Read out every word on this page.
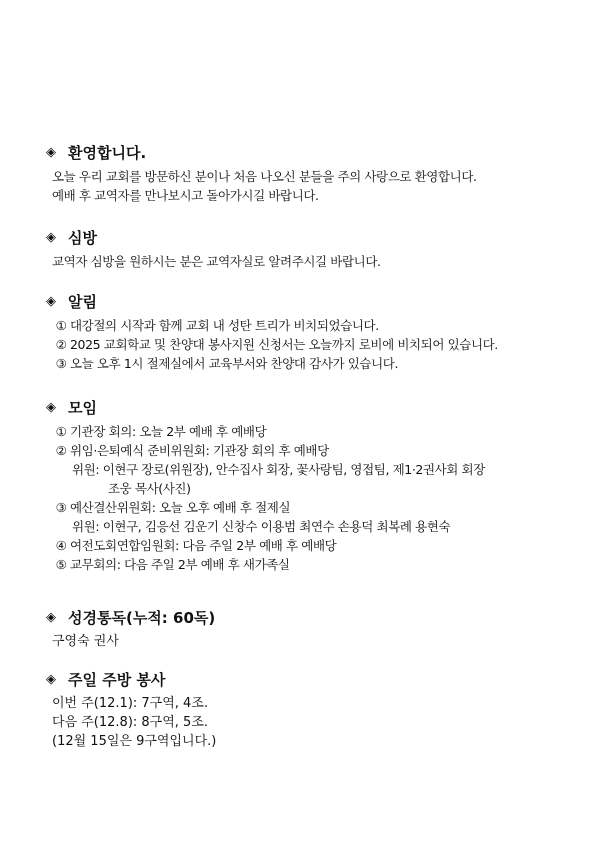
◈ 환영합니다.
오늘 우리 교회를 방문하신 분이나 처음 나오신 분들을 주의 사랑으로 환영합니다.
예배 후 교역자를 만나보시고 돌아가시길 바랍니다.
◈ 심방
교역자 심방을 원하시는 분은 교역자실로 알려주시길 바랍니다.
◈ 알림
① 대강절의 시작과 함께 교회 내 성탄 트리가 비치되었습니다.
② 2025 교회학교 및 찬양대 봉사지원 신청서는 오늘까지 로비에 비치되어 있습니다.
③ 오늘 오후 1시 절제실에서 교육부서와 찬양대 감사가 있습니다.
◈ 모임
① 기관장 회의: 오늘 2부 예배 후 예배당
② 위임·은퇴예식 준비위원회: 기관장 회의 후 예배당
위원: 이현구 장로(위원장), 안수집사 회장, 꽃사랑팀, 영접팀, 제1·2권사회 회장
조웅 목사(사진)
③ 예산결산위원회: 오늘 오후 예배 후 절제실
위원: 이현구, 김응선 김운기 신창수 이용범 최연수 손용덕 최복례 용현숙
④ 여전도회연합임원회: 다음 주일 2부 예배 후 예배당
⑤ 교무회의: 다음 주일 2부 예배 후 새가족실
◈ 성경통독(누적: 60독)
구영숙 권사
◈ 주일 주방 봉사
이번 주(12.1): 7구역, 4조.
다음 주(12.8): 8구역, 5조.
(12월 15일은 9구역입니다.)
